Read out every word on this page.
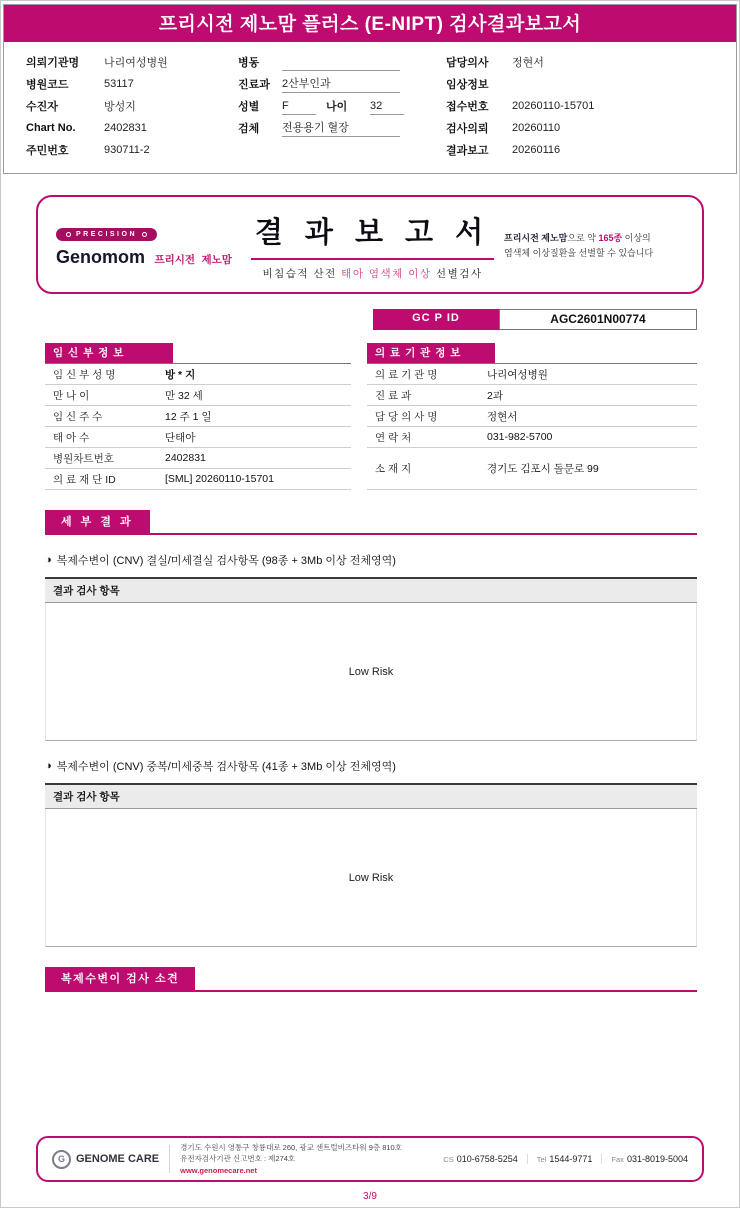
프리시전 제노맘 플러스 (E-NIPT) 검사결과보고서
의뢰기관명	나리여성병원
병원코드	53117
수진자	방성지
Chart No.	2402831
주민번호	930711-2
병동
진료과	2산부인과
성별	F	나이	32
검체	전용용기 혈장
담당의사	정현서
임상정보
접수번호	20260110-15701
검사의뢰	20260110
결과보고	20260116
PRECISION
Genomom 프리시전 제노맘
결 과 보 고 서
비침습적 산전 태아 염색체 이상 선별검사
프리시전 제노맘으로 약 165종 이상의
염색체 이상질환을 선별할 수 있습니다
GC P ID	AGC2601N00774
임 신 부 정 보
임 신 부 성 명	방 * 지
만 나 이	만 32 세
임 신 주 수	12 주 1 일
태 아 수	단태아
병원차트번호	2402831
의 료 재 단 ID	[SML] 20260110-15701
의 료 기 관 정 보
의 료 기 관 명	나리여성병원
진 료 과	2과
담 당 의 사 명	정현서
연 락 처	031-982-5700
소 재 지	경기도 김포시 돌문로 99
세 부 결 과
◑ 복제수변이 (CNV) 결실/미세결실 검사항목 (98종 + 3Mb 이상 전체영역)
결과 검사 항목
Low Risk
◑ 복제수변이 (CNV) 중복/미세중복 검사항목 (41종 + 3Mb 이상 전체영역)
결과 검사 항목
Low Risk
복제수변이 검사 소견
G	GENOME CARE
경기도 수원시 영통구 창룡대로 260, 광교 센트럴비즈타워 9층 810호
유전자검사기관 신고번호 : 제274호
www.genomecare.net
CS 010-6758-5254	Tel 1544-9771	Fax 031-8019-5004
3/9
